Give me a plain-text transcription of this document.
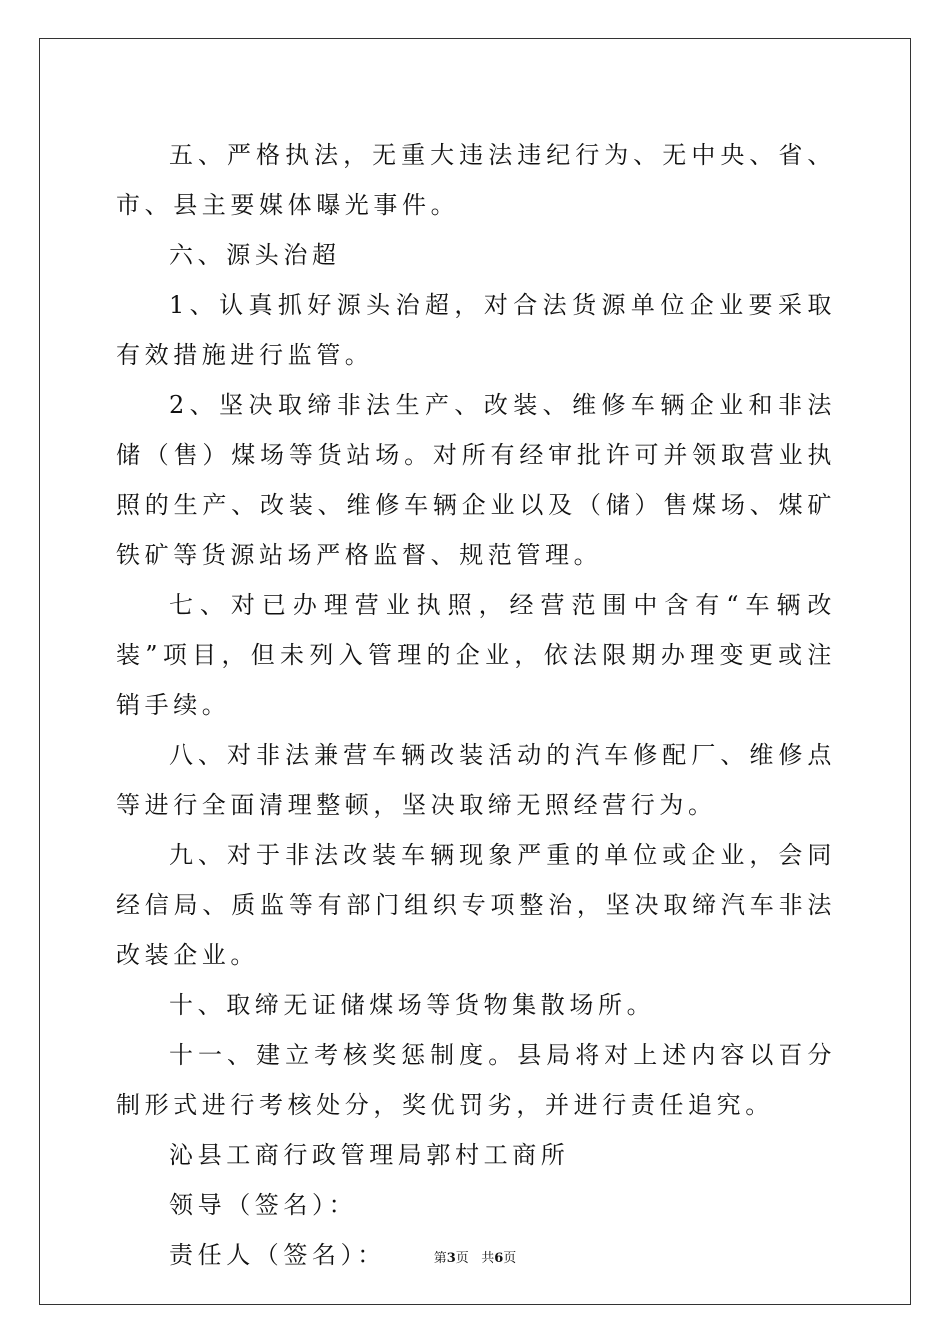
五、严格执法，无重大违法违纪行为、无中央、省、市、县主要媒体曝光事件。

六、源头治超

1、认真抓好源头治超，对合法货源单位企业要采取有效措施进行监管。

2、坚决取缔非法生产、改装、维修车辆企业和非法储（售）煤场等货站场。对所有经审批许可并领取营业执照的生产、改装、维修车辆企业以及（储）售煤场、煤矿铁矿等货源站场严格监督、规范管理。

七、对已办理营业执照，经营范围中含有“车辆改装”项目，但未列入管理的企业，依法限期办理变更或注销手续。

八、对非法兼营车辆改装活动的汽车修配厂、维修点等进行全面清理整顿，坚决取缔无照经营行为。

九、对于非法改装车辆现象严重的单位或企业，会同经信局、质监等有部门组织专项整治，坚决取缔汽车非法改装企业。

十、取缔无证储煤场等货物集散场所。

十一、建立考核奖惩制度。县局将对上述内容以百分制形式进行考核处分，奖优罚劣，并进行责任追究。

沁县工商行政管理局郭村工商所

领导（签名）：

责任人（签名）：	第3页 共6页
